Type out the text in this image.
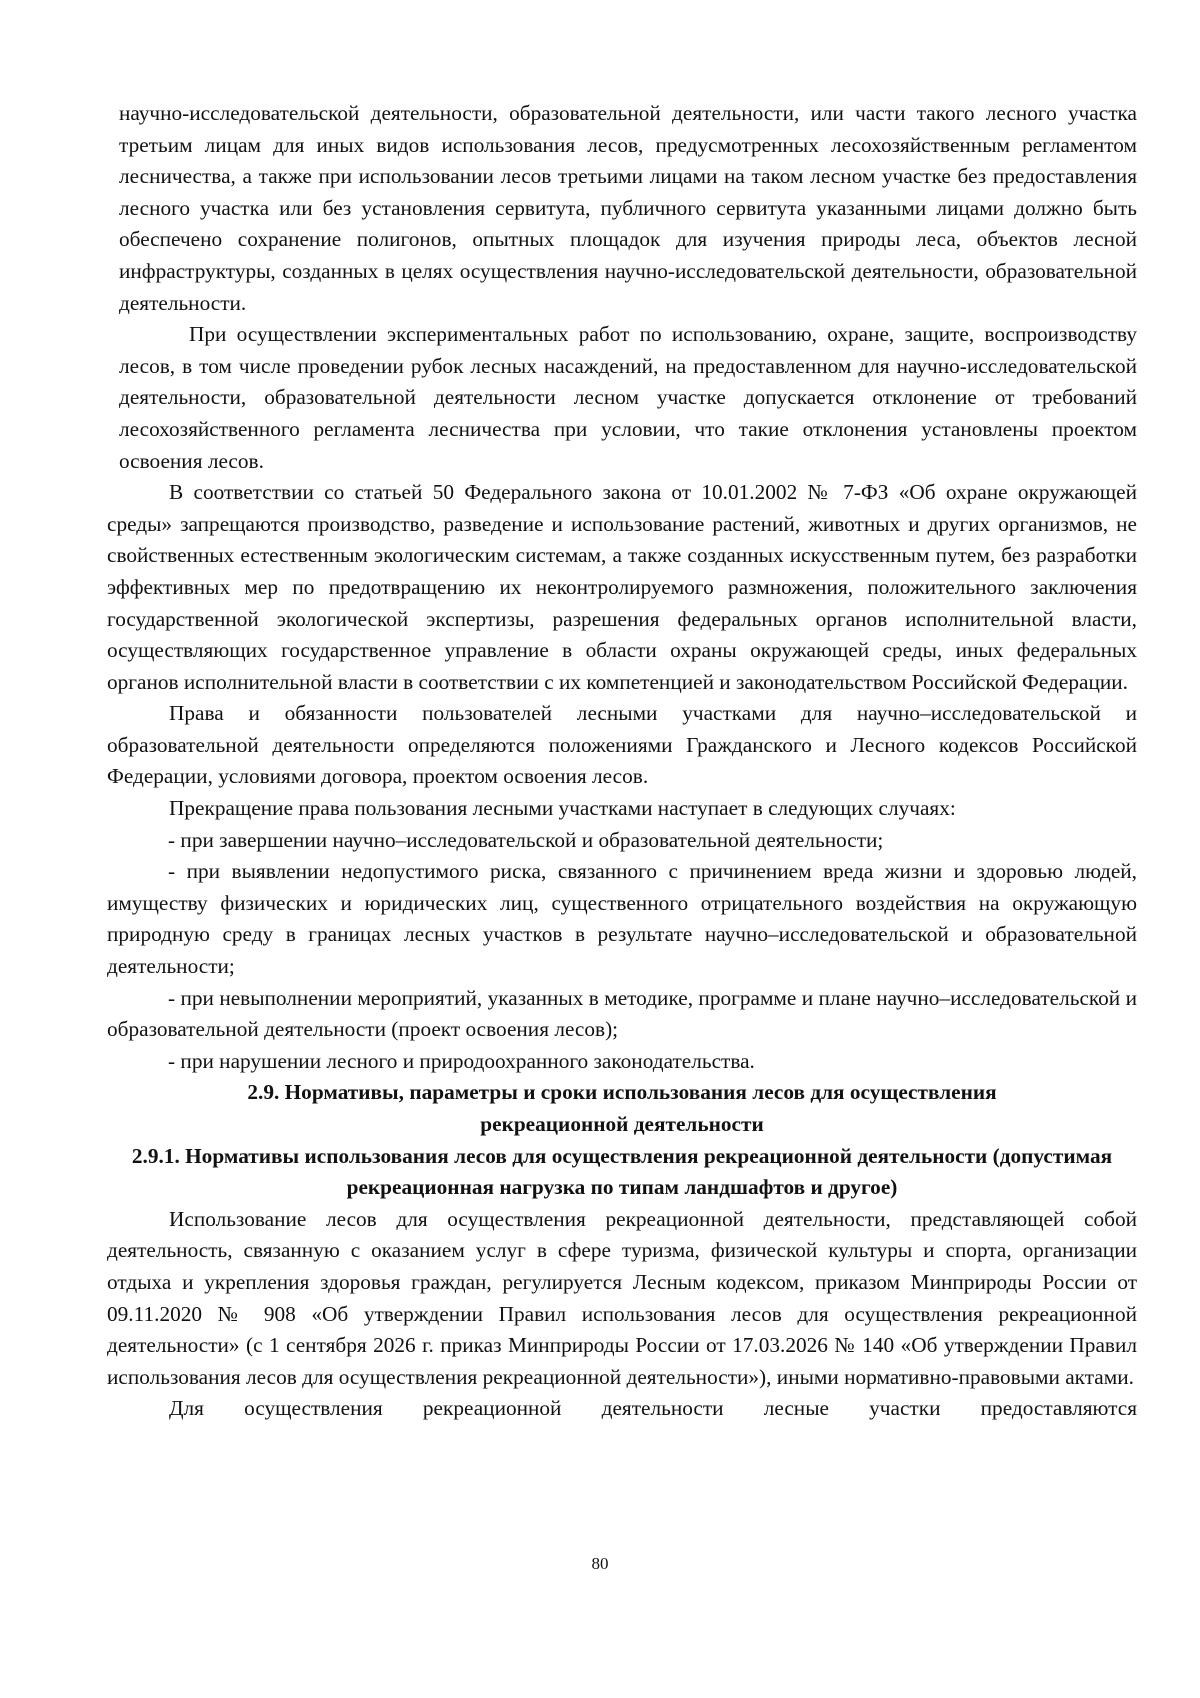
научно-исследовательской деятельности, образовательной деятельности, или части такого лесного участка третьим лицам для иных видов использования лесов, предусмотренных лесохозяйственным регламентом лесничества, а также при использовании лесов третьими лицами на таком лесном участке без предоставления лесного участка или без установления сервитута, публичного сервитута указанными лицами должно быть обеспечено сохранение полигонов, опытных площадок для изучения природы леса, объектов лесной инфраструктуры, созданных в целях осуществления научно-исследовательской деятельности, образовательной деятельности.

При осуществлении экспериментальных работ по использованию, охране, защите, воспроизводству лесов, в том числе проведении рубок лесных насаждений, на предоставленном для научно-исследовательской деятельности, образовательной деятельности лесном участке допускается отклонение от требований лесохозяйственного регламента лесничества при условии, что такие отклонения установлены проектом освоения лесов.

В соответствии со статьей 50 Федерального закона от 10.01.2002 № 7-ФЗ «Об охране окружающей среды» запрещаются производство, разведение и использование растений, животных и других организмов, не свойственных естественным экологическим системам, а также созданных искусственным путем, без разработки эффективных мер по предотвращению их неконтролируемого размножения, положительного заключения государственной экологической экспертизы, разрешения федеральных органов исполнительной власти, осуществляющих государственное управление в области охраны окружающей среды, иных федеральных органов исполнительной власти в соответствии с их компетенцией и законодательством Российской Федерации.

Права и обязанности пользователей лесными участками для научно–исследовательской и образовательной деятельности определяются положениями Гражданского и Лесного кодексов Российской Федерации, условиями договора, проектом освоения лесов.

Прекращение права пользования лесными участками наступает в следующих случаях:

- при завершении научно–исследовательской и образовательной деятельности;

- при выявлении недопустимого риска, связанного с причинением вреда жизни и здоровью людей, имуществу физических и юридических лиц, существенного отрицательного воздействия на окружающую природную среду в границах лесных участков в результате научно–исследовательской и образовательной деятельности;

- при невыполнении мероприятий, указанных в методике, программе и плане научно–исследовательской и образовательной деятельности (проект освоения лесов);

- при нарушении лесного и природоохранного законодательства.

2.9. Нормативы, параметры и сроки использования лесов для осуществления рекреационной деятельности

2.9.1. Нормативы использования лесов для осуществления рекреационной деятельности (допустимая рекреационная нагрузка по типам ландшафтов и другое)

Использование лесов для осуществления рекреационной деятельности, представляющей собой деятельность, связанную с оказанием услуг в сфере туризма, физической культуры и спорта, организации отдыха и укрепления здоровья граждан, регулируется Лесным кодексом, приказом Минприроды России от 09.11.2020 № 908 «Об утверждении Правил использования лесов для осуществления рекреационной деятельности» (с 1 сентября 2026 г. приказ Минприроды России от 17.03.2026 № 140 «Об утверждении Правил использования лесов для осуществления рекреационной деятельности»), иными нормативно-правовыми актами.

Для осуществления рекреационной деятельности лесные участки предоставляются

80
